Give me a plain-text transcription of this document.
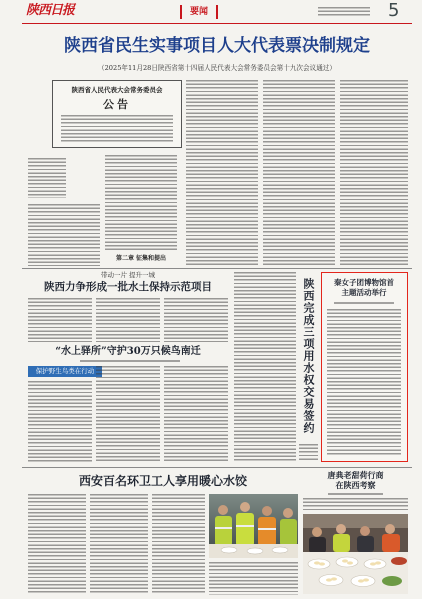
陕西日报	要闻	5
陕西省民生实事项目人大代表票决制规定
（2025年11月28日陕西省第十四届人民代表大会常务委员会第十九次会议通过）
陕西省人民代表大会常务委员会
公告
第二章 征集和提出
带动一片 提升一城
陕西力争形成一批水土保持示范项目
“水上驿所”守护30万只候鸟南迁
保护野生鸟类在行动	陕西完成三项用水权交易签约	秦女子团博物馆首
主题活动举行
西安百名环卫工人享用暖心水饺	唐典老甜荷行商
在陕西考察
